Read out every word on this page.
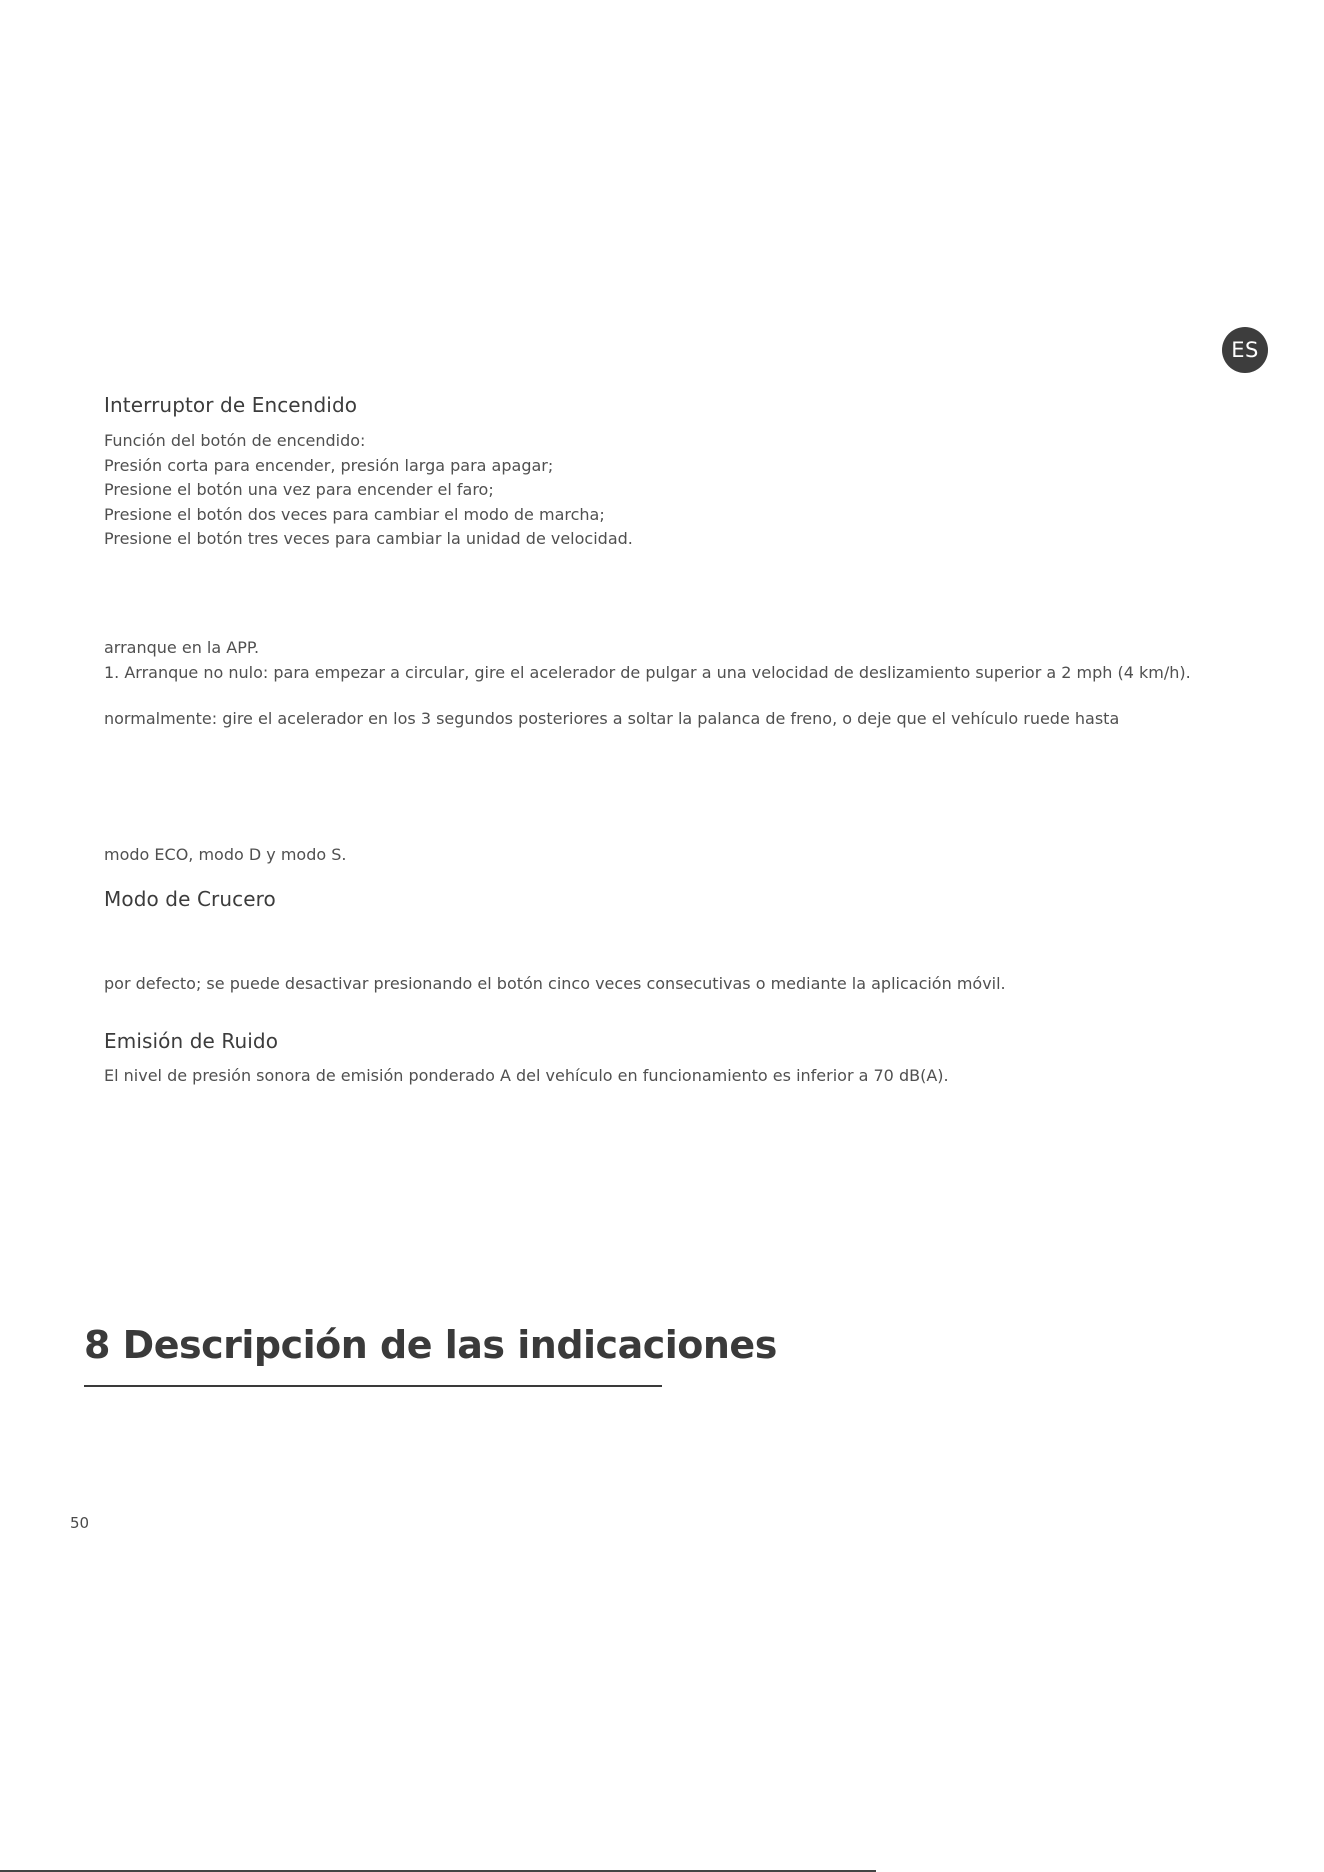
ES
Interruptor de Encendido
Función del botón de encendido:
Presión corta para encender, presión larga para apagar;
Presione el botón una vez para encender el faro;
Presione el botón dos veces para cambiar el modo de marcha;
Presione el botón tres veces para cambiar la unidad de velocidad.
arranque en la APP.
1. Arranque no nulo: para empezar a circular, gire el acelerador de pulgar a una velocidad de deslizamiento superior a 2 mph (4 km/h).
normalmente: gire el acelerador en los 3 segundos posteriores a soltar la palanca de freno, o deje que el vehículo ruede hasta
modo ECO, modo D y modo S.
Modo de Crucero
por defecto; se puede desactivar presionando el botón cinco veces consecutivas o mediante la aplicación móvil.
Emisión de Ruido
El nivel de presión sonora de emisión ponderado A del vehículo en funcionamiento es inferior a 70 dB(A).
8 Descripción de las indicaciones
50
